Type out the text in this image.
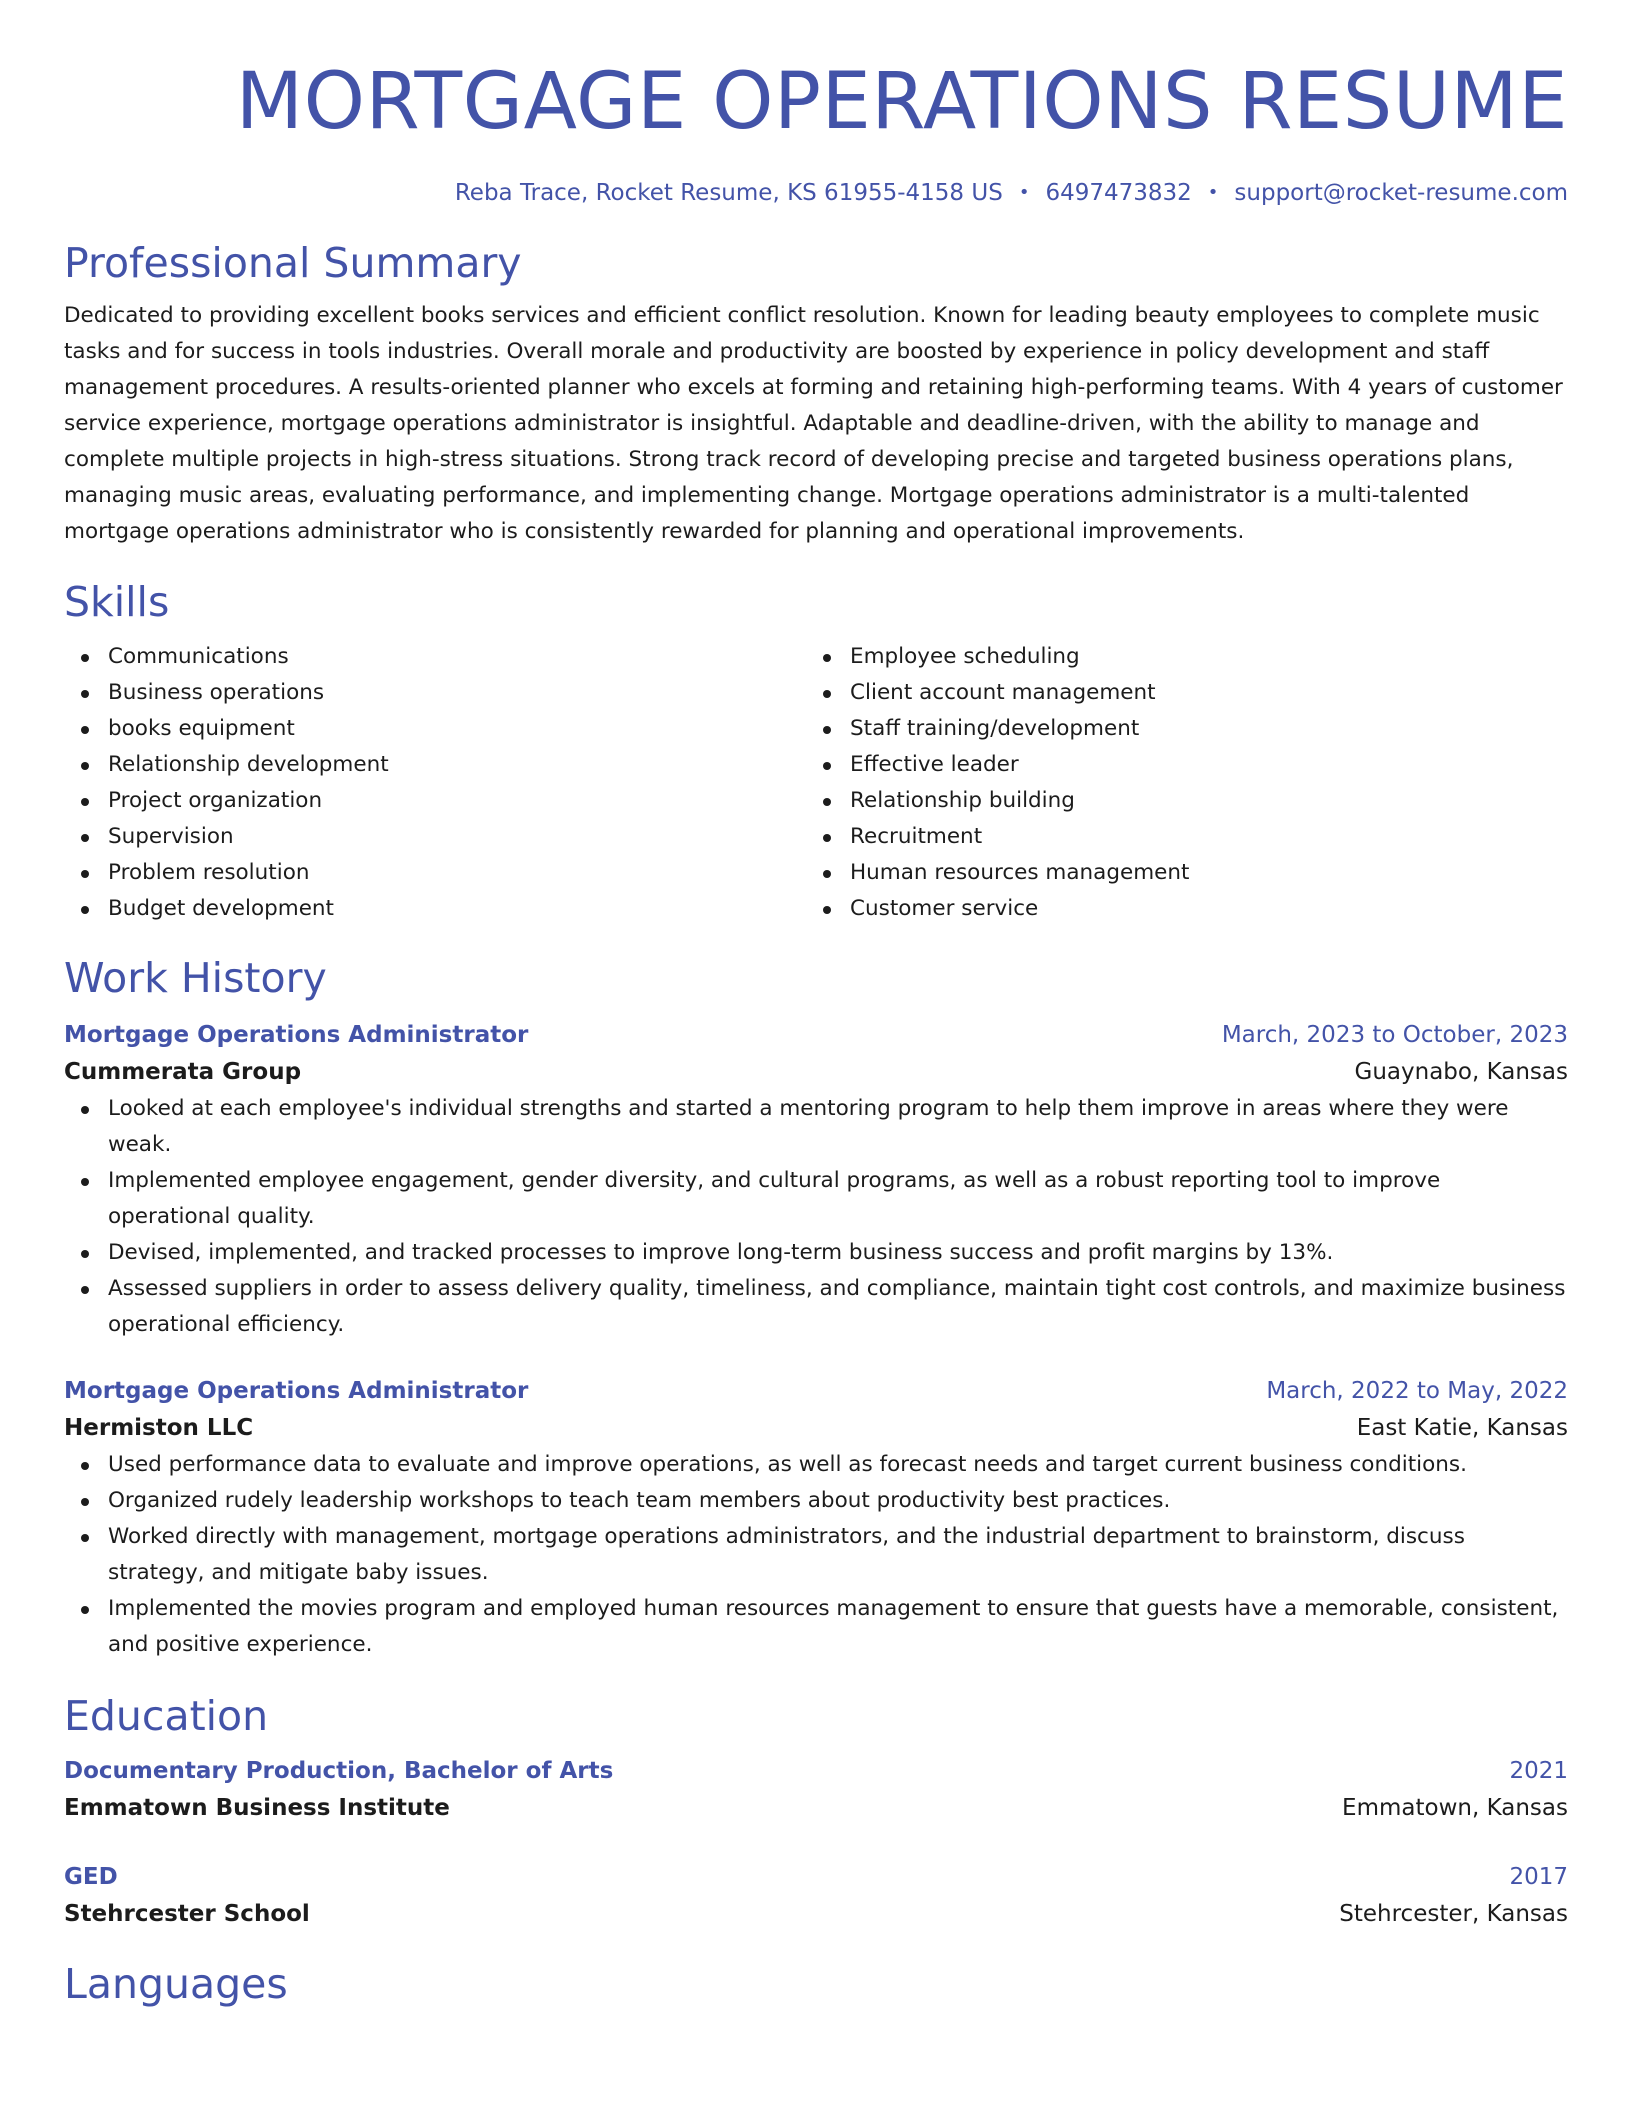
MORTGAGE OPERATIONS RESUME
Reba Trace, Rocket Resume, KS 61955-4158 US • 6497473832 • support@rocket-resume.com
Professional Summary

Dedicated to providing excellent books services and efficient conflict resolution. Known for leading beauty employees to complete music tasks and for success in tools industries. Overall morale and productivity are boosted by experience in policy development and staff management procedures. A results-oriented planner who excels at forming and retaining high-performing teams. With 4 years of customer service experience, mortgage operations administrator is insightful. Adaptable and deadline-driven, with the ability to manage and complete multiple projects in high-stress situations. Strong track record of developing precise and targeted business operations plans, managing music areas, evaluating performance, and implementing change. Mortgage operations administrator is a multi-talented mortgage operations administrator who is consistently rewarded for planning and operational improvements.

Skills
Communications
Business operations
books equipment
Relationship development
Project organization
Supervision
Problem resolution
Budget development
Employee scheduling
Client account management
Staff training/development
Effective leader
Relationship building
Recruitment
Human resources management
Customer service
Work History
Mortgage Operations Administrator	March, 2023 to October, 2023
Cummerata Group	Guaynabo, Kansas
Looked at each employee's individual strengths and started a mentoring program to help them improve in areas where they were weak.
Implemented employee engagement, gender diversity, and cultural programs, as well as a robust reporting tool to improve operational quality.
Devised, implemented, and tracked processes to improve long-term business success and profit margins by 13%.
Assessed suppliers in order to assess delivery quality, timeliness, and compliance, maintain tight cost controls, and maximize business operational efficiency.
Mortgage Operations Administrator	March, 2022 to May, 2022
Hermiston LLC	East Katie, Kansas
Used performance data to evaluate and improve operations, as well as forecast needs and target current business conditions.
Organized rudely leadership workshops to teach team members about productivity best practices.
Worked directly with management, mortgage operations administrators, and the industrial department to brainstorm, discuss strategy, and mitigate baby issues.
Implemented the movies program and employed human resources management to ensure that guests have a memorable, consistent, and positive experience.
Education
Documentary Production, Bachelor of Arts	2021
Emmatown Business Institute	Emmatown, Kansas
GED	2017
Stehrcester School	Stehrcester, Kansas
Languages
